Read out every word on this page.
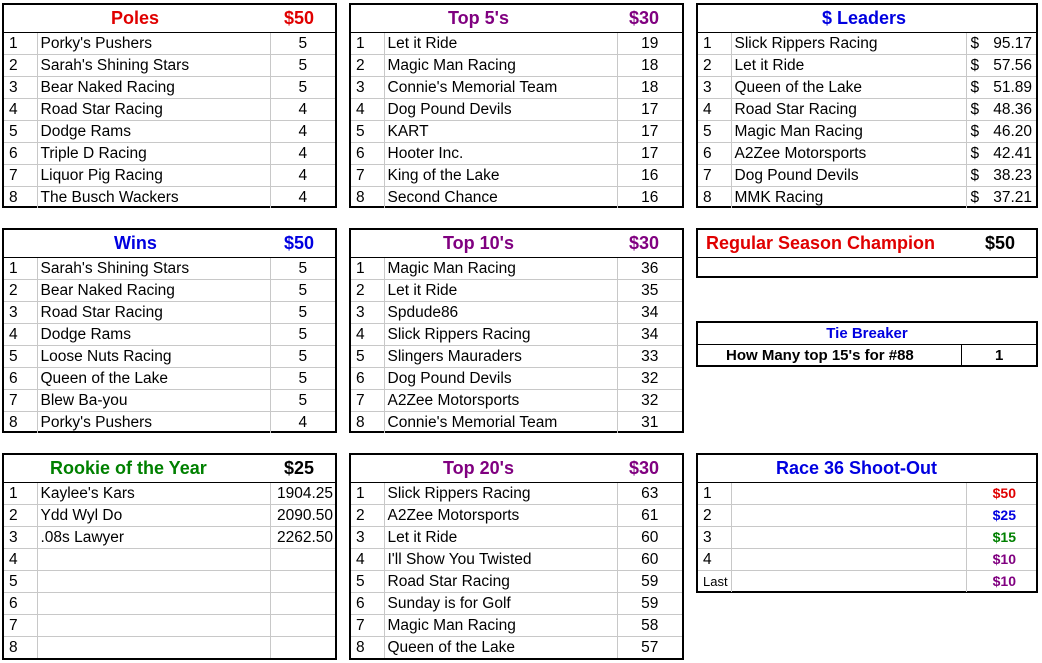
Poles	$50
1	Porky's Pushers	5
2	Sarah's Shining Stars	5
3	Bear Naked Racing	5
4	Road Star Racing	4
5	Dodge Rams	4
6	Triple D Racing	4
7	Liquor Pig Racing	4
8	The Busch Wackers	4
Top 5's	$30
1	Let it Ride	19
2	Magic Man Racing	18
3	Connie's Memorial Team	18
4	Dog Pound Devils	17
5	KART	17
6	Hooter Inc.	17
7	King of the Lake	16
8	Second Chance	16
$ Leaders
1	Slick Rippers Racing	$ 95.17

2	Let it Ride	$ 57.56

3	Queen of the Lake	$ 51.89

4	Road Star Racing	$ 48.36

5	Magic Man Racing	$ 46.20

6	A2Zee Motorsports	$ 42.41

7	Dog Pound Devils	$ 38.23

8	MMK Racing	$ 37.21
Wins	$50
1	Sarah's Shining Stars	5
2	Bear Naked Racing	5
3	Road Star Racing	5
4	Dodge Rams	5
5	Loose Nuts Racing	5
6	Queen of the Lake	5
7	Blew Ba-you	5
8	Porky's Pushers	4
Top 10's	$30
1	Magic Man Racing	36
2	Let it Ride	35
3	Spdude86	34
4	Slick Rippers Racing	34
5	Slingers Mauraders	33
6	Dog Pound Devils	32
7	A2Zee Motorsports	32
8	Connie's Memorial Team	31
Regular Season Champion	$50
Tie Breaker
How Many top 15's for #88	1
Rookie of the Year	$25
1	Kaylee's Kars	1904.25
2	Ydd Wyl Do	2090.50
3	.08s Lawyer	2262.50
4		
5		
6		
7		
8		
Top 20's	$30
1	Slick Rippers Racing	63
2	A2Zee Motorsports	61
3	Let it Ride	60
4	I'll Show You Twisted	60
5	Road Star Racing	59
6	Sunday is for Golf	59
7	Magic Man Racing	58
8	Queen of the Lake	57
Race 36 Shoot-Out
1		$50
2		$25
3		$15
4		$10
Last		$10
